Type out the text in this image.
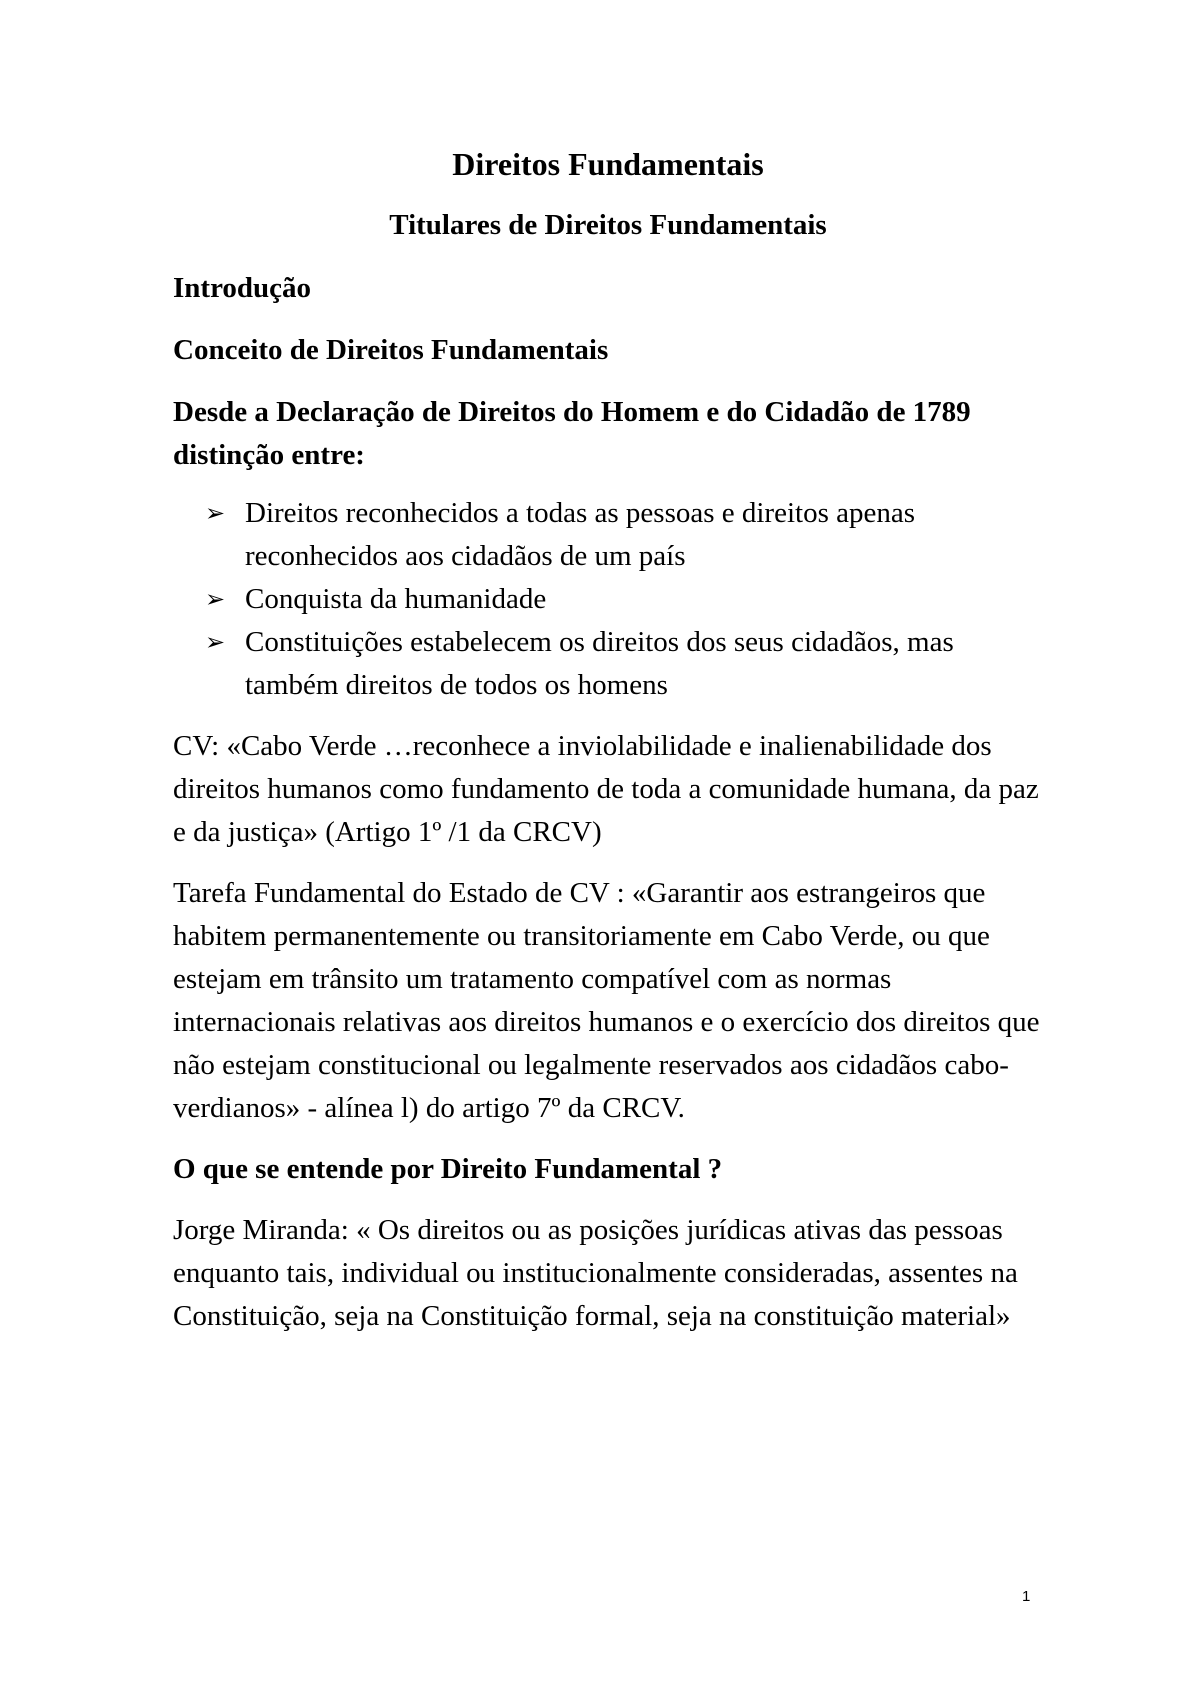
Direitos Fundamentais
Titulares de Direitos Fundamentais
Introdução
Conceito de Direitos Fundamentais
Desde a Declaração de Direitos do Homem e do Cidadão de 1789 distinção entre:
➢ Direitos reconhecidos a todas as pessoas e direitos apenas reconhecidos aos cidadãos de um país
➢ Conquista da humanidade
➢ Constituições estabelecem os direitos dos seus cidadãos, mas também direitos de todos os homens
CV: «Cabo Verde …reconhece a inviolabilidade e inalienabilidade dos direitos humanos como fundamento de toda a comunidade humana, da paz e da justiça» (Artigo 1º /1 da CRCV)
Tarefa Fundamental do Estado de CV : «Garantir aos estrangeiros que habitem permanentemente ou transitoriamente em Cabo Verde, ou que estejam em trânsito um tratamento compatível com as normas internacionais relativas aos direitos humanos e o exercício dos direitos que não estejam constitucional ou legalmente reservados aos cidadãos cabo-verdianos» - alínea l) do artigo 7º da CRCV.
O que se entende por Direito Fundamental ?
Jorge Miranda: « Os direitos ou as posições jurídicas ativas das pessoas enquanto tais, individual ou institucionalmente consideradas, assentes na Constituição, seja na Constituição formal, seja na constituição material»
1
